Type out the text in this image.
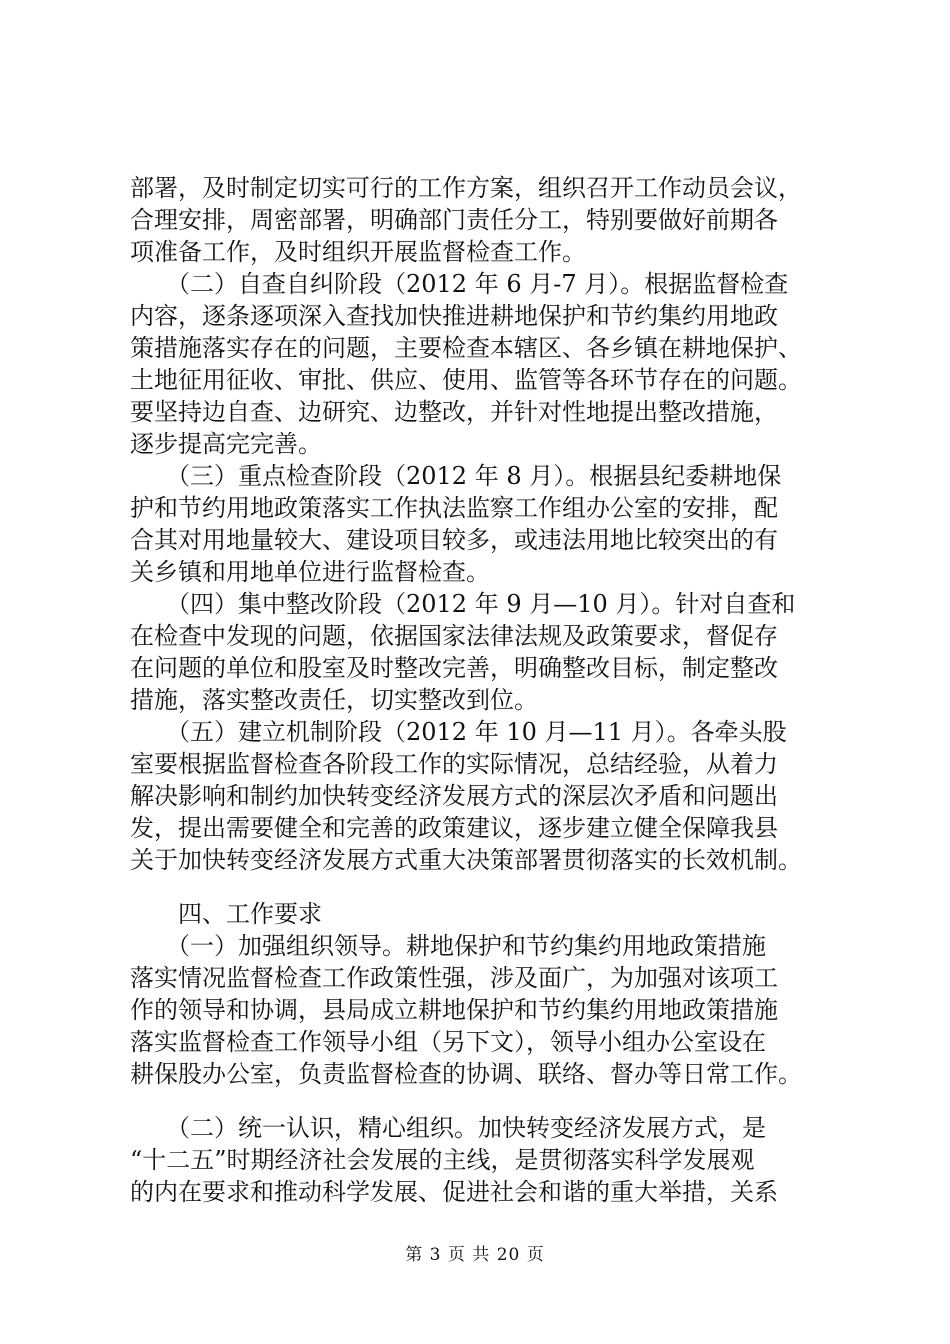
部署，及时制定切实可行的工作方案，组织召开工作动员会议，
合理安排，周密部署，明确部门责任分工，特别要做好前期各
项准备工作，及时组织开展监督检查工作。
　　（二）自查自纠阶段（2012 年 6 月-7 月）。根据监督检查
内容，逐条逐项深入查找加快推进耕地保护和节约集约用地政
策措施落实存在的问题，主要检查本辖区、各乡镇在耕地保护、
土地征用征收、审批、供应、使用、监管等各环节存在的问题。
要坚持边自查、边研究、边整改，并针对性地提出整改措施，
逐步提高完完善。
　　（三）重点检查阶段（2012 年 8 月）。根据县纪委耕地保
护和节约用地政策落实工作执法监察工作组办公室的安排，配
合其对用地量较大、建设项目较多，或违法用地比较突出的有
关乡镇和用地单位进行监督检查。
　　（四）集中整改阶段（2012 年 9 月—10 月）。针对自查和
在检查中发现的问题，依据国家法律法规及政策要求，督促存
在问题的单位和股室及时整改完善，明确整改目标，制定整改
措施，落实整改责任，切实整改到位。
　　（五）建立机制阶段（2012 年 10 月—11 月）。各牵头股
室要根据监督检查各阶段工作的实际情况，总结经验，从着力
解决影响和制约加快转变经济发展方式的深层次矛盾和问题出
发，提出需要健全和完善的政策建议，逐步建立健全保障我县
关于加快转变经济发展方式重大决策部署贯彻落实的长效机制。
　　四、工作要求
　　（一）加强组织领导。耕地保护和节约集约用地政策措施
落实情况监督检查工作政策性强，涉及面广，为加强对该项工
作的领导和协调，县局成立耕地保护和节约集约用地政策措施
落实监督检查工作领导小组（另下文），领导小组办公室设在
耕保股办公室，负责监督检查的协调、联络、督办等日常工作。
　　（二）统一认识，精心组织。加快转变经济发展方式，是
“十二五”时期经济社会发展的主线，是贯彻落实科学发展观
的内在要求和推动科学发展、促进社会和谐的重大举措，关系
第 3 页 共 20 页
